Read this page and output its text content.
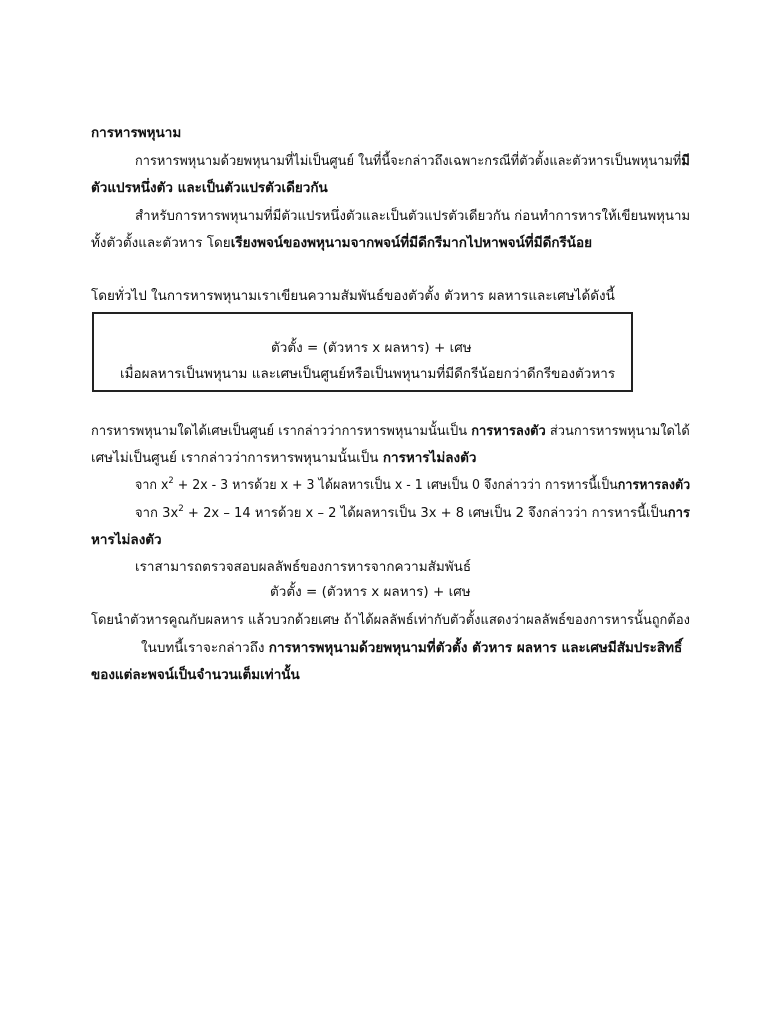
การหารพหุนาม
การหารพหุนามด้วยพหุนามที่ไม่เป็นศูนย์ ในที่นี้จะกล่าวถึงเฉพาะกรณีที่ตัวตั้งและตัวหารเป็นพหุนามที่มี
ตัวแปรหนึ่งตัว และเป็นตัวแปรตัวเดียวกัน
สำหรับการหารพหุนามที่มีตัวแปรหนึ่งตัวและเป็นตัวแปรตัวเดียวกัน ก่อนทำการหารให้เขียนพหุนาม
ทั้งตัวตั้งและตัวหาร โดยเรียงพจน์ของพหุนามจากพจน์ที่มีดีกรีมากไปหาพจน์ที่มีดีกรีน้อย
โดยทั่วไป ในการหารพหุนามเราเขียนความสัมพันธ์ของตัวตั้ง ตัวหาร ผลหารและเศษได้ดังนี้
ตัวตั้ง = (ตัวหาร x ผลหาร) + เศษ
เมื่อผลหารเป็นพหุนาม และเศษเป็นศูนย์หรือเป็นพหุนามที่มีดีกรีน้อยกว่าดีกรีของตัวหาร
การหารพหุนามใดได้เศษเป็นศูนย์ เรากล่าวว่าการหารพหุนามนั้นเป็น การหารลงตัว ส่วนการหารพหุนามใดได้
เศษไม่เป็นศูนย์ เรากล่าวว่าการหารพหุนามนั้นเป็น การหารไม่ลงตัว
จาก $x^2 + 2x - 3$ หารด้วย x + 3 ได้ผลหารเป็น x - 1 เศษเป็น 0 จึงกล่าวว่า การหารนี้เป็นการหารลงตัว
จาก $3x^2 + 2x - 14$ หารด้วย x – 2 ได้ผลหารเป็น 3x + 8 เศษเป็น 2 จึงกล่าวว่า การหารนี้เป็นการ
หารไม่ลงตัว
เราสามารถตรวจสอบผลลัพธ์ของการหารจากความสัมพันธ์
ตัวตั้ง = (ตัวหาร x ผลหาร) + เศษ
โดยนำตัวหารคูณกับผลหาร แล้วบวกด้วยเศษ ถ้าได้ผลลัพธ์เท่ากับตัวตั้งแสดงว่าผลลัพธ์ของการหารนั้นถูกต้อง
ในบทนี้เราจะกล่าวถึง การหารพหุนามด้วยพหุนามที่ตัวตั้ง ตัวหาร ผลหาร และเศษมีสัมประสิทธิ์
ของแต่ละพจน์เป็นจำนวนเต็มเท่านั้น
